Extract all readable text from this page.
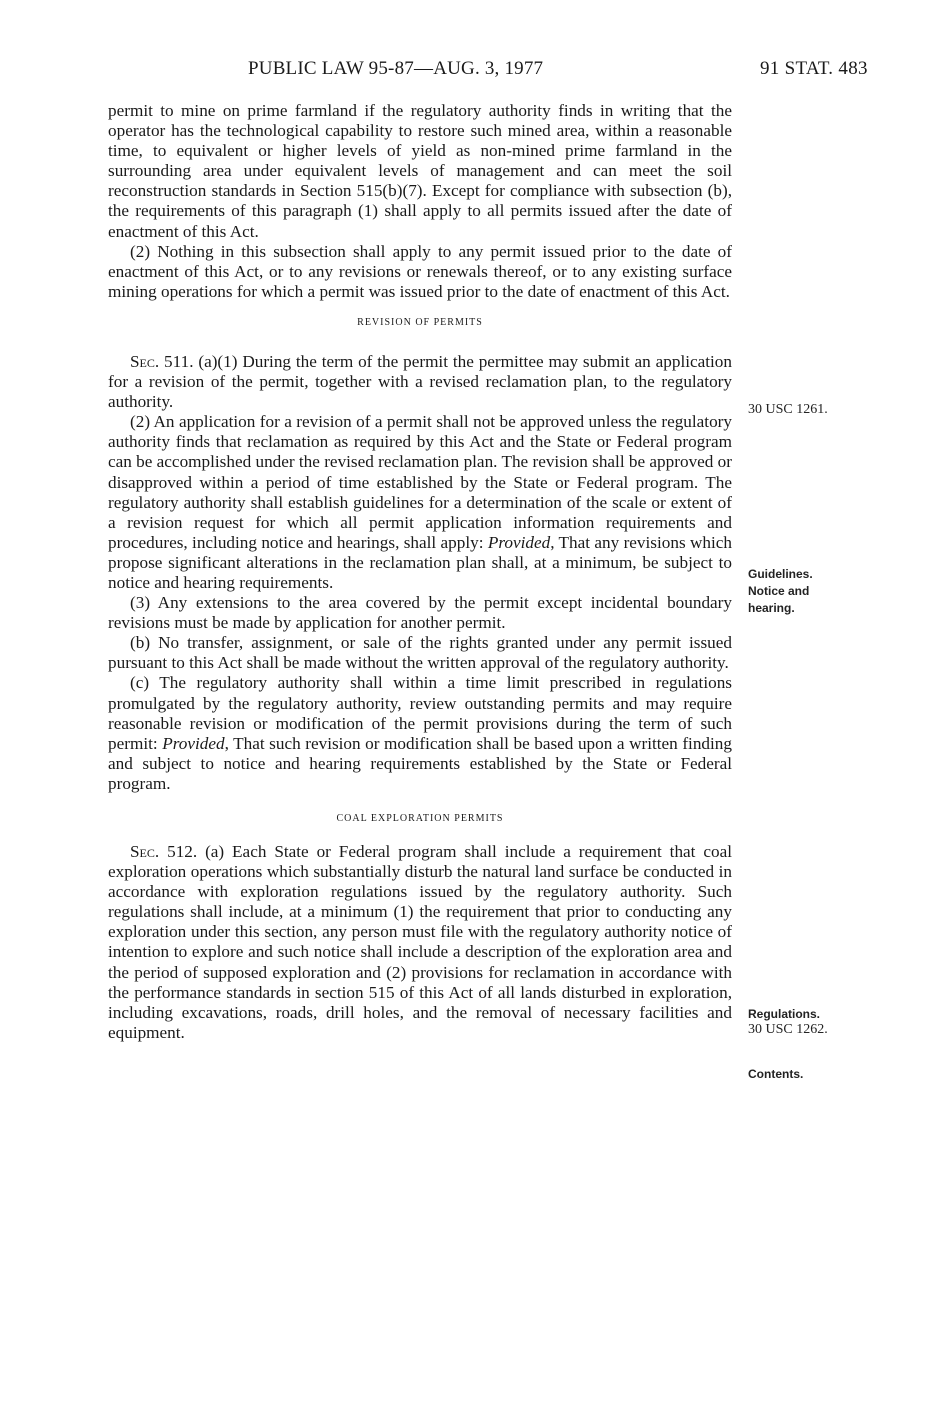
PUBLIC LAW 95-87—AUG. 3, 1977	91 STAT. 483

permit to mine on prime farmland if the regulatory authority finds in writing that the operator has the technological capability to restore such mined area, within a reasonable time, to equivalent or higher levels of yield as non-mined prime farmland in the surrounding area under equivalent levels of management and can meet the soil reconstruction standards in Section 515(b)(7). Except for compliance with subsection (b), the requirements of this paragraph (1) shall apply to all permits issued after the date of enactment of this Act.

(2) Nothing in this subsection shall apply to any permit issued prior to the date of enactment of this Act, or to any revisions or renewals thereof, or to any existing surface mining operations for which a permit was issued prior to the date of enactment of this Act.

REVISION OF PERMITS

Sec. 511. (a)(1) During the term of the permit the permittee may submit an application for a revision of the permit, together with a revised reclamation plan, to the regulatory authority.

(2) An application for a revision of a permit shall not be approved unless the regulatory authority finds that reclamation as required by this Act and the State or Federal program can be accomplished under the revised reclamation plan. The revision shall be approved or disapproved within a period of time established by the State or Federal program. The regulatory authority shall establish guidelines for a determination of the scale or extent of a revision request for which all permit application information requirements and procedures, including notice and hearings, shall apply: Provided, That any revisions which propose significant alterations in the reclamation plan shall, at a minimum, be subject to notice and hearing requirements.

(3) Any extensions to the area covered by the permit except incidental boundary revisions must be made by application for another permit.

(b) No transfer, assignment, or sale of the rights granted under any permit issued pursuant to this Act shall be made without the written approval of the regulatory authority.

(c) The regulatory authority shall within a time limit prescribed in regulations promulgated by the regulatory authority, review outstanding permits and may require reasonable revision or modification of the permit provisions during the term of such permit: Provided, That such revision or modification shall be based upon a written finding and subject to notice and hearing requirements established by the State or Federal program.

COAL EXPLORATION PERMITS

Sec. 512. (a) Each State or Federal program shall include a requirement that coal exploration operations which substantially disturb the natural land surface be conducted in accordance with exploration regulations issued by the regulatory authority. Such regulations shall include, at a minimum (1) the requirement that prior to conducting any exploration under this section, any person must file with the regulatory authority notice of intention to explore and such notice shall include a description of the exploration area and the period of supposed exploration and (2) provisions for reclamation in accordance with the performance standards in section 515 of this Act of all lands disturbed in exploration, including excavations, roads, drill holes, and the removal of necessary facilities and equipment.

30 USC 1261.
Guidelines.
Notice and
hearing.
Regulations.
30 USC 1262.
Contents.
